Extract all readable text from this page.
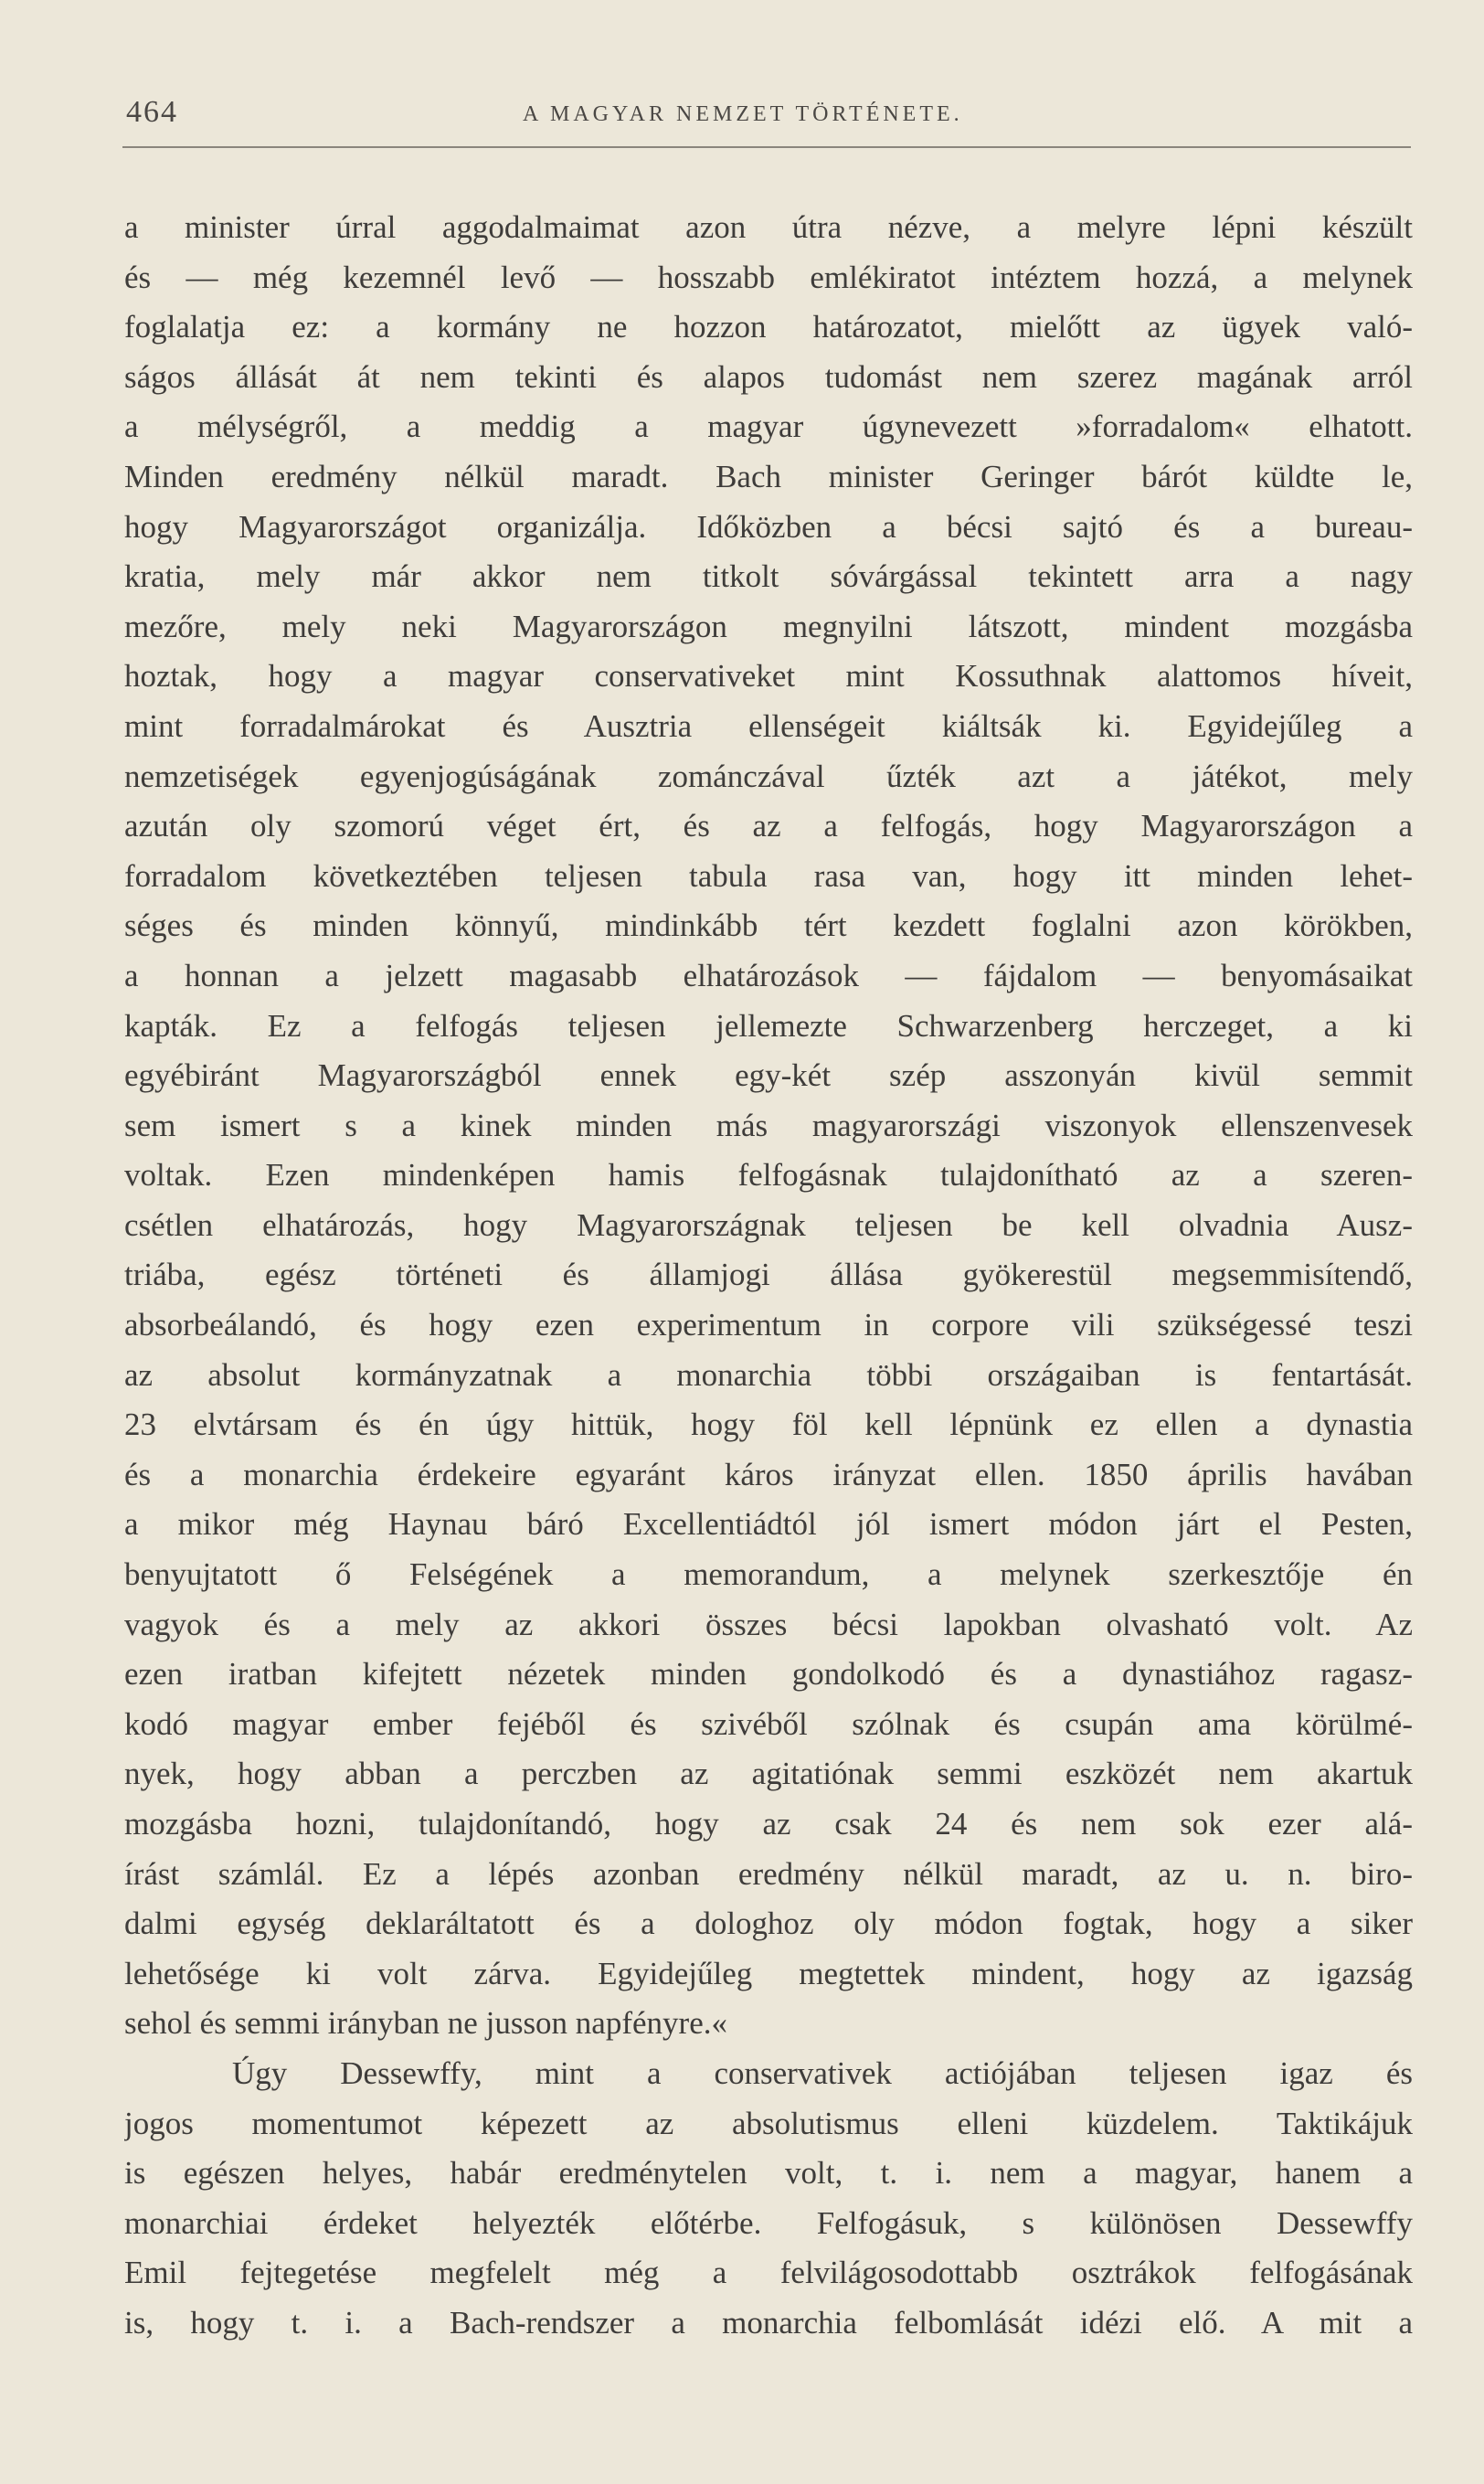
464	A MAGYAR NEMZET TÖRTÉNETE.
a minister úrral aggodalmaimat azon útra nézve, a melyre lépni készült
és — még kezemnél levő — hosszabb emlékiratot intéztem hozzá, a melynek
foglalatja ez: a kormány ne hozzon határozatot, mielőtt az ügyek való-
ságos állását át nem tekinti és alapos tudomást nem szerez magának arról
a mélységről, a meddig a magyar úgynevezett »forradalom« elhatott.
Minden eredmény nélkül maradt. Bach minister Geringer bárót küldte le,
hogy Magyarországot organizálja. Időközben a bécsi sajtó és a bureau-
kratia, mely már akkor nem titkolt sóvárgással tekintett arra a nagy
mezőre, mely neki Magyarországon megnyilni látszott, mindent mozgásba
hoztak, hogy a magyar conservativeket mint Kossuthnak alattomos híveit,
mint forradalmárokat és Ausztria ellenségeit kiáltsák ki. Egyidejűleg a
nemzetiségek egyenjogúságának zománczával űzték azt a játékot, mely
azután oly szomorú véget ért, és az a felfogás, hogy Magyarországon a
forradalom következtében teljesen tabula rasa van, hogy itt minden lehet-
séges és minden könnyű, mindinkább tért kezdett foglalni azon körökben,
a honnan a jelzett magasabb elhatározások — fájdalom — benyomásaikat
kapták. Ez a felfogás teljesen jellemezte Schwarzenberg herczeget, a ki
egyébiránt Magyarországból ennek egy-két szép asszonyán kivül semmit
sem ismert s a kinek minden más magyarországi viszonyok ellenszenvesek
voltak. Ezen mindenképen hamis felfogásnak tulajdonítható az a szeren-
csétlen elhatározás, hogy Magyarországnak teljesen be kell olvadnia Ausz-
triába, egész történeti és államjogi állása gyökerestül megsemmisítendő,
absorbeálandó, és hogy ezen experimentum in corpore vili szükségessé teszi
az absolut kormányzatnak a monarchia többi országaiban is fentartását.
23 elvtársam és én úgy hittük, hogy föl kell lépnünk ez ellen a dynastia
és a monarchia érdekeire egyaránt káros irányzat ellen. 1850 április havában
a mikor még Haynau báró Excellentiádtól jól ismert módon járt el Pesten,
benyujtatott ő Felségének a memorandum, a melynek szerkesztője én
vagyok és a mely az akkori összes bécsi lapokban olvasható volt. Az
ezen iratban kifejtett nézetek minden gondolkodó és a dynastiához ragasz-
kodó magyar ember fejéből és szivéből szólnak és csupán ama körülmé-
nyek, hogy abban a perczben az agitatiónak semmi eszközét nem akartuk
mozgásba hozni, tulajdonítandó, hogy az csak 24 és nem sok ezer alá-
írást számlál. Ez a lépés azonban eredmény nélkül maradt, az u. n. biro-
dalmi egység deklaráltatott és a dologhoz oly módon fogtak, hogy a siker
lehetősége ki volt zárva. Egyidejűleg megtettek mindent, hogy az igazság
sehol és semmi irányban ne jusson napfényre.«
Úgy Dessewffy, mint a conservativek actiójában teljesen igaz és
jogos momentumot képezett az absolutismus elleni küzdelem. Taktikájuk
is egészen helyes, habár eredménytelen volt, t. i. nem a magyar, hanem a
monarchiai érdeket helyezték előtérbe. Felfogásuk, s különösen Dessewffy
Emil fejtegetése megfelelt még a felvilágosodottabb osztrákok felfogásának
is, hogy t. i. a Bach-rendszer a monarchia felbomlását idézi elő. A mit a
